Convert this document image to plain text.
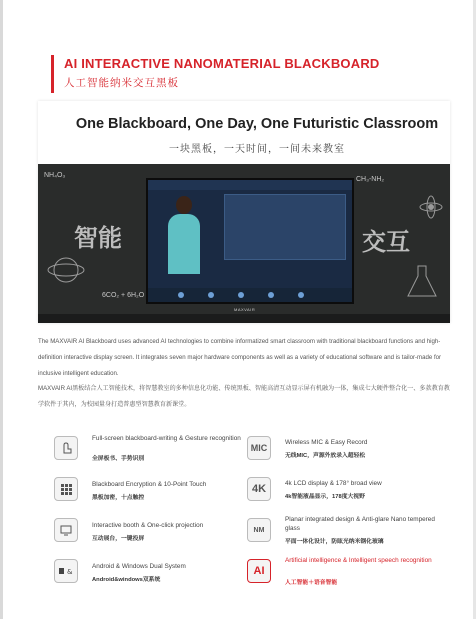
AI INTERACTIVE NANOMATERIAL BLACKBOARD
人工智能纳米交互黑板
One Blackboard, One Day, One Futuristic Classroom
一块黑板，一天时间，一间未来教室
NH₄O₃
CH₃-NH₂
6CO₂ + 6H₂O
智能	交互
MAXVAIR

The MAXVAIR AI Blackboard uses advanced AI technologies to combine informatized smart classroom with traditional blackboard functions and high-definition interactive display screen. It integrates seven major hardware components as well as a variety of educational software and is tailor-made for inclusive intelligent education.

MAXVAIR AI黑板结合人工智能技术，将智慧教室的多种信息化功能、传统黑板、智能高清互动显示屏有机融为一体，集成七大硬件整合化一、多款教育教学软件于其内，为校园量身打造普惠型智慧教育新课堂。

Full-screen blackboard-writing & Gesture recognition
全屏板书、手势识别
MIC
Wireless MIC & Easy Record
无线MIC，声源外放录入超轻松
Blackboard Encryption & 10-Point Touch
黑板加密，十点触控
4K	4k LCD display & 178° broad view
4k智能液晶显示，178度大视野
Interactive booth & One-click projection
互动展台，一键投屏
NM
Planar integrated design & Anti-glare Nano tempered glass
平面一体化设计，防眩光纳米钢化玻璃
&
Android & Windows Dual System
Android&windows双系统
AI
Artificial intelligence & Intelligent speech recognition
人工智能＋语音智能
